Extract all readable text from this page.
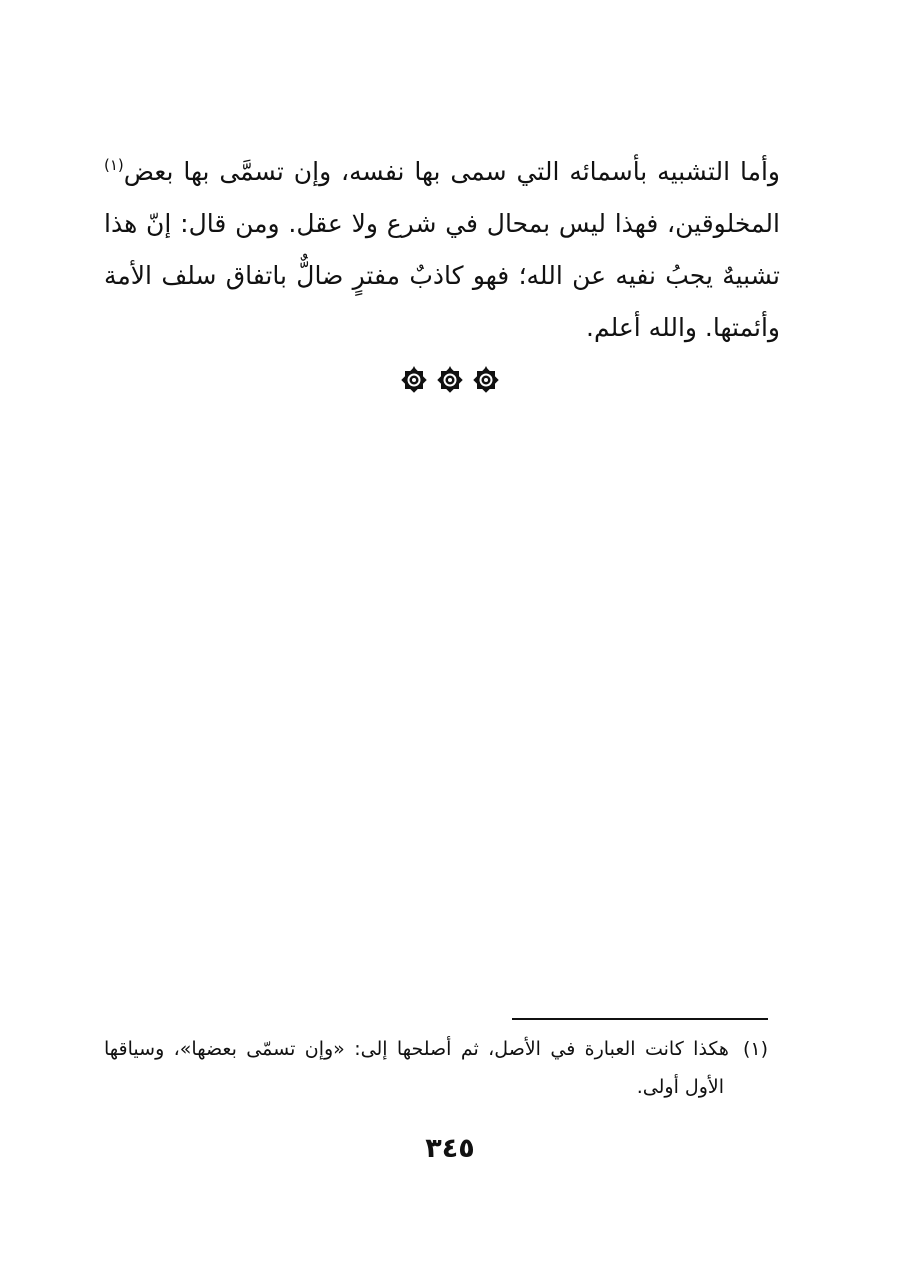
وأما التشبيه بأسمائه التي سمى بها نفسه، وإن تسمَّى بها بعض$^{(١)}$
المخلوقين، فهذا ليس بمحال في شرع ولا عقل. ومن قال: إنّ هذا
تشبيهٌ يجبُ نفيه عن الله؛ فهو كاذبٌ مفترٍ ضالٌّ باتفاق سلف الأمة
وأئمتها. والله أعلم.
(١)هكذا كانت العبارة في الأصل، ثم أصلحها إلى: «وإن تسمّى بعضها»، وسياقها
الأول أولى.
٣٤٥
